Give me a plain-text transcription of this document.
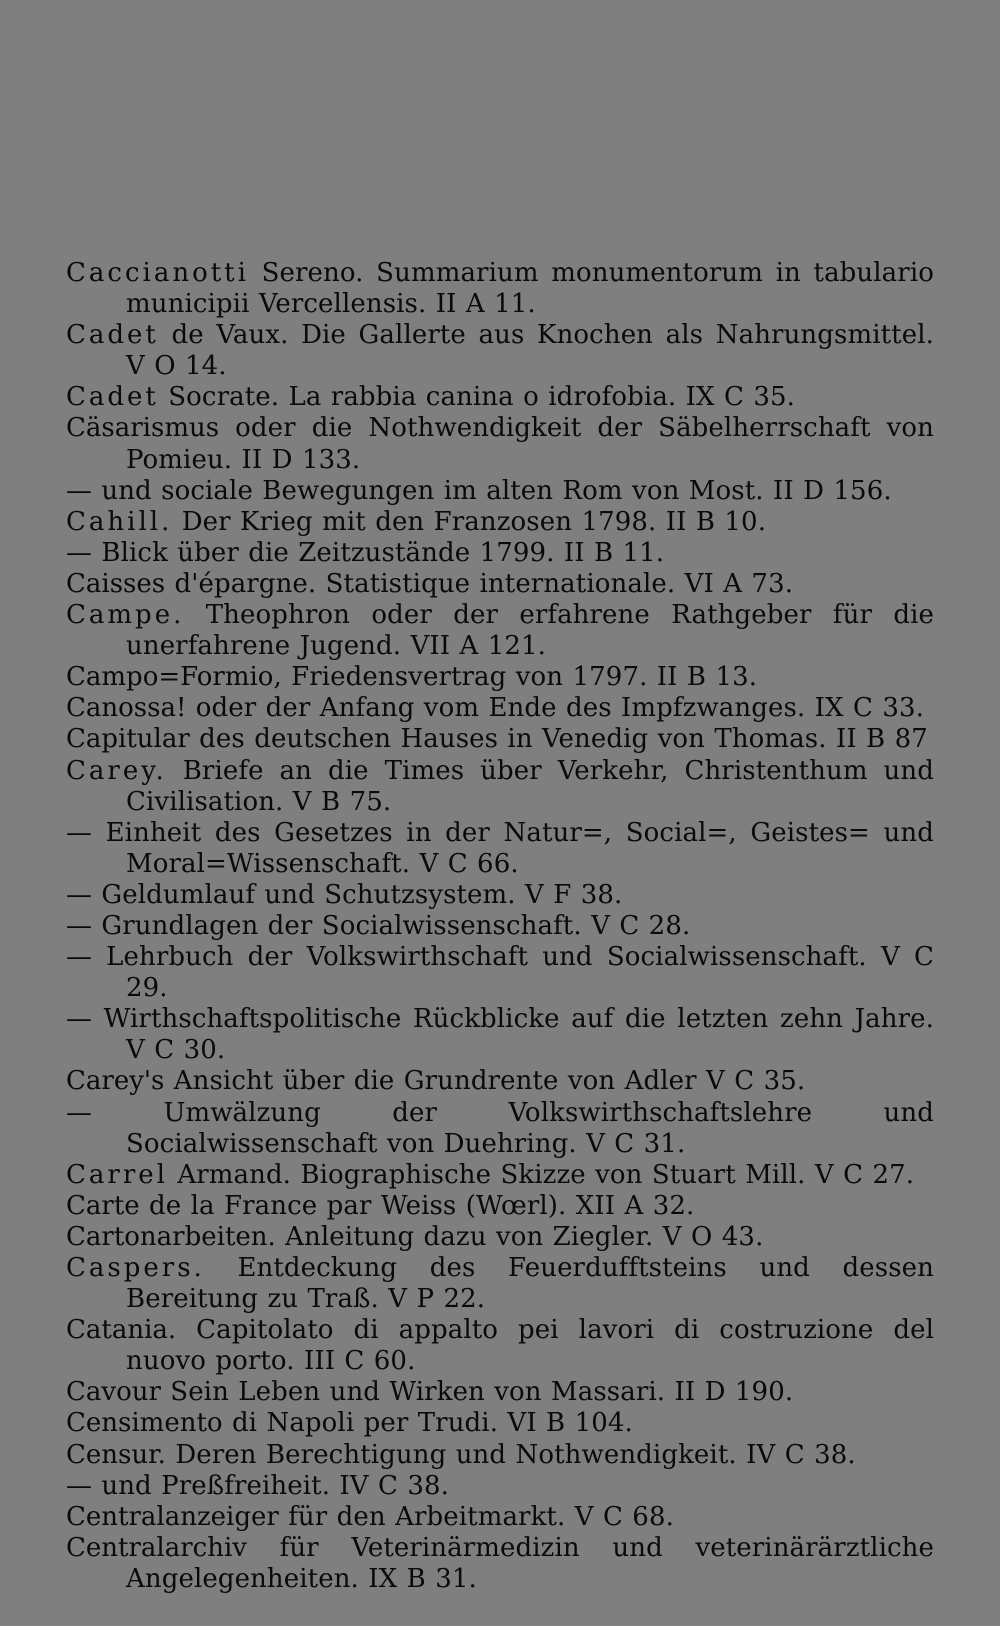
Caccianotti Sereno. Summarium monumentorum in tabulario municipii Vercellensis. II A 11.

Cadet de Vaux. Die Gallerte aus Knochen als Nahrungsmittel. V O 14.

Cadet Socrate. La rabbia canina o idrofobia. IX C 35.

Cäsarismus oder die Nothwendigkeit der Säbelherrschaft von Pomieu. II D 133.

— und sociale Bewegungen im alten Rom von Most. II D 156.

Cahill. Der Krieg mit den Franzosen 1798. II B 10.

— Blick über die Zeitzustände 1799. II B 11.

Caisses d'épargne. Statistique internationale. VI A 73.

Campe. Theophron oder der erfahrene Rathgeber für die unerfahrene Jugend. VII A 121.

Campo=Formio, Friedensvertrag von 1797. II B 13.

Canossa! oder der Anfang vom Ende des Impfzwanges. IX C 33.

Capitular des deutschen Hauses in Venedig von Thomas. II B 87

Carey. Briefe an die Times über Verkehr, Christenthum und Civilisation. V B 75.

— Einheit des Gesetzes in der Natur=, Social=, Geistes= und Moral=Wissenschaft. V C 66.

— Geldumlauf und Schutzsystem. V F 38.

— Grundlagen der Socialwissenschaft. V C 28.

— Lehrbuch der Volkswirthschaft und Socialwissenschaft. V C 29.

— Wirthschaftspolitische Rückblicke auf die letzten zehn Jahre. V C 30.

Carey's Ansicht über die Grundrente von Adler V C 35.

— Umwälzung der Volkswirthschaftslehre und Socialwissenschaft von Duehring. V C 31.

Carrel Armand. Biographische Skizze von Stuart Mill. V C 27.

Carte de la France par Weiss (Wœrl). XII A 32.

Cartonarbeiten. Anleitung dazu von Ziegler. V O 43.

Caspers. Entdeckung des Feuerdufftsteins und dessen Bereitung zu Traß. V P 22.

Catania. Capitolato di appalto pei lavori di costruzione del nuovo porto. III C 60.

Cavour Sein Leben und Wirken von Massari. II D 190.

Censimento di Napoli per Trudi. VI B 104.

Censur. Deren Berechtigung und Nothwendigkeit. IV C 38.

— und Preßfreiheit. IV C 38.

Centralanzeiger für den Arbeitmarkt. V C 68.

Centralarchiv für Veterinärmedizin und veterinärärztliche Angelegenheiten. IX B 31.
